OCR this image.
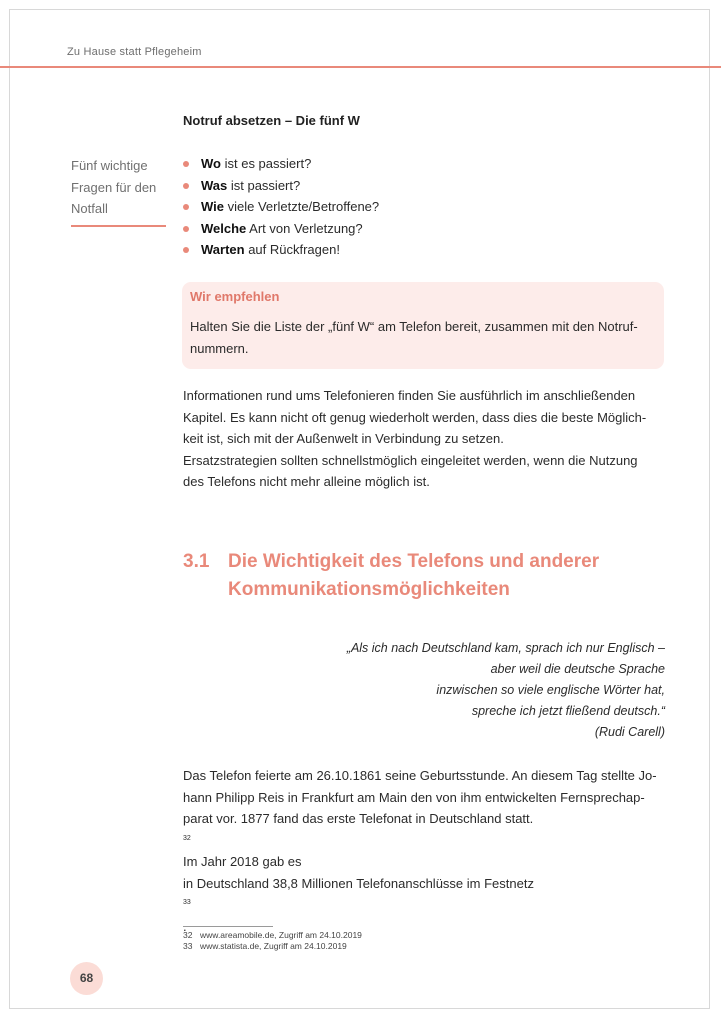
Zu Hause statt Pflegeheim
Notruf absetzen – Die fünf W
Fünf wichtige
Fragen für den
Notfall
Wo ist es passiert?
Was ist passiert?
Wie viele Verletzte/Betroffene?
Welche Art von Verletzung?
Warten auf Rückfragen!

Wir empfehlen

Halten Sie die Liste der „fünf W“ am Telefon bereit, zusammen mit den Notruf-
nummern.

Informationen rund ums Telefonieren finden Sie ausführlich im anschließenden
Kapitel. Es kann nicht oft genug wiederholt werden, dass dies die beste Möglich-
keit ist, sich mit der Außenwelt in Verbindung zu setzen.
Ersatzstrategien sollten schnellstmöglich eingeleitet werden, wenn die Nutzung
des Telefons nicht mehr alleine möglich ist.

3.1 Die Wichtigkeit des Telefons und anderer
Kommunikationsmöglichkeiten
„Als ich nach Deutschland kam, sprach ich nur Englisch –
aber weil die deutsche Sprache
inzwischen so viele englische Wörter hat,
spreche ich jetzt fließend deutsch.“
(Rudi Carell)
Das Telefon feierte am 26.10.1861 seine Geburtsstunde. An diesem Tag stellte Jo-
hann Philipp Reis in Frankfurt am Main den von ihm entwickelten Fernsprechap-
parat vor. 1877 fand das erste Telefonat in Deutschland statt.
$^{32}$
Im Jahr 2018 gab es
in Deutschland 38,8 Millionen Telefonanschlüsse im Festnetz
$^{33}$
32 www.areamobile.de, Zugriff am 24.10.2019
33 www.statista.de, Zugriff am 24.10.2019
68
